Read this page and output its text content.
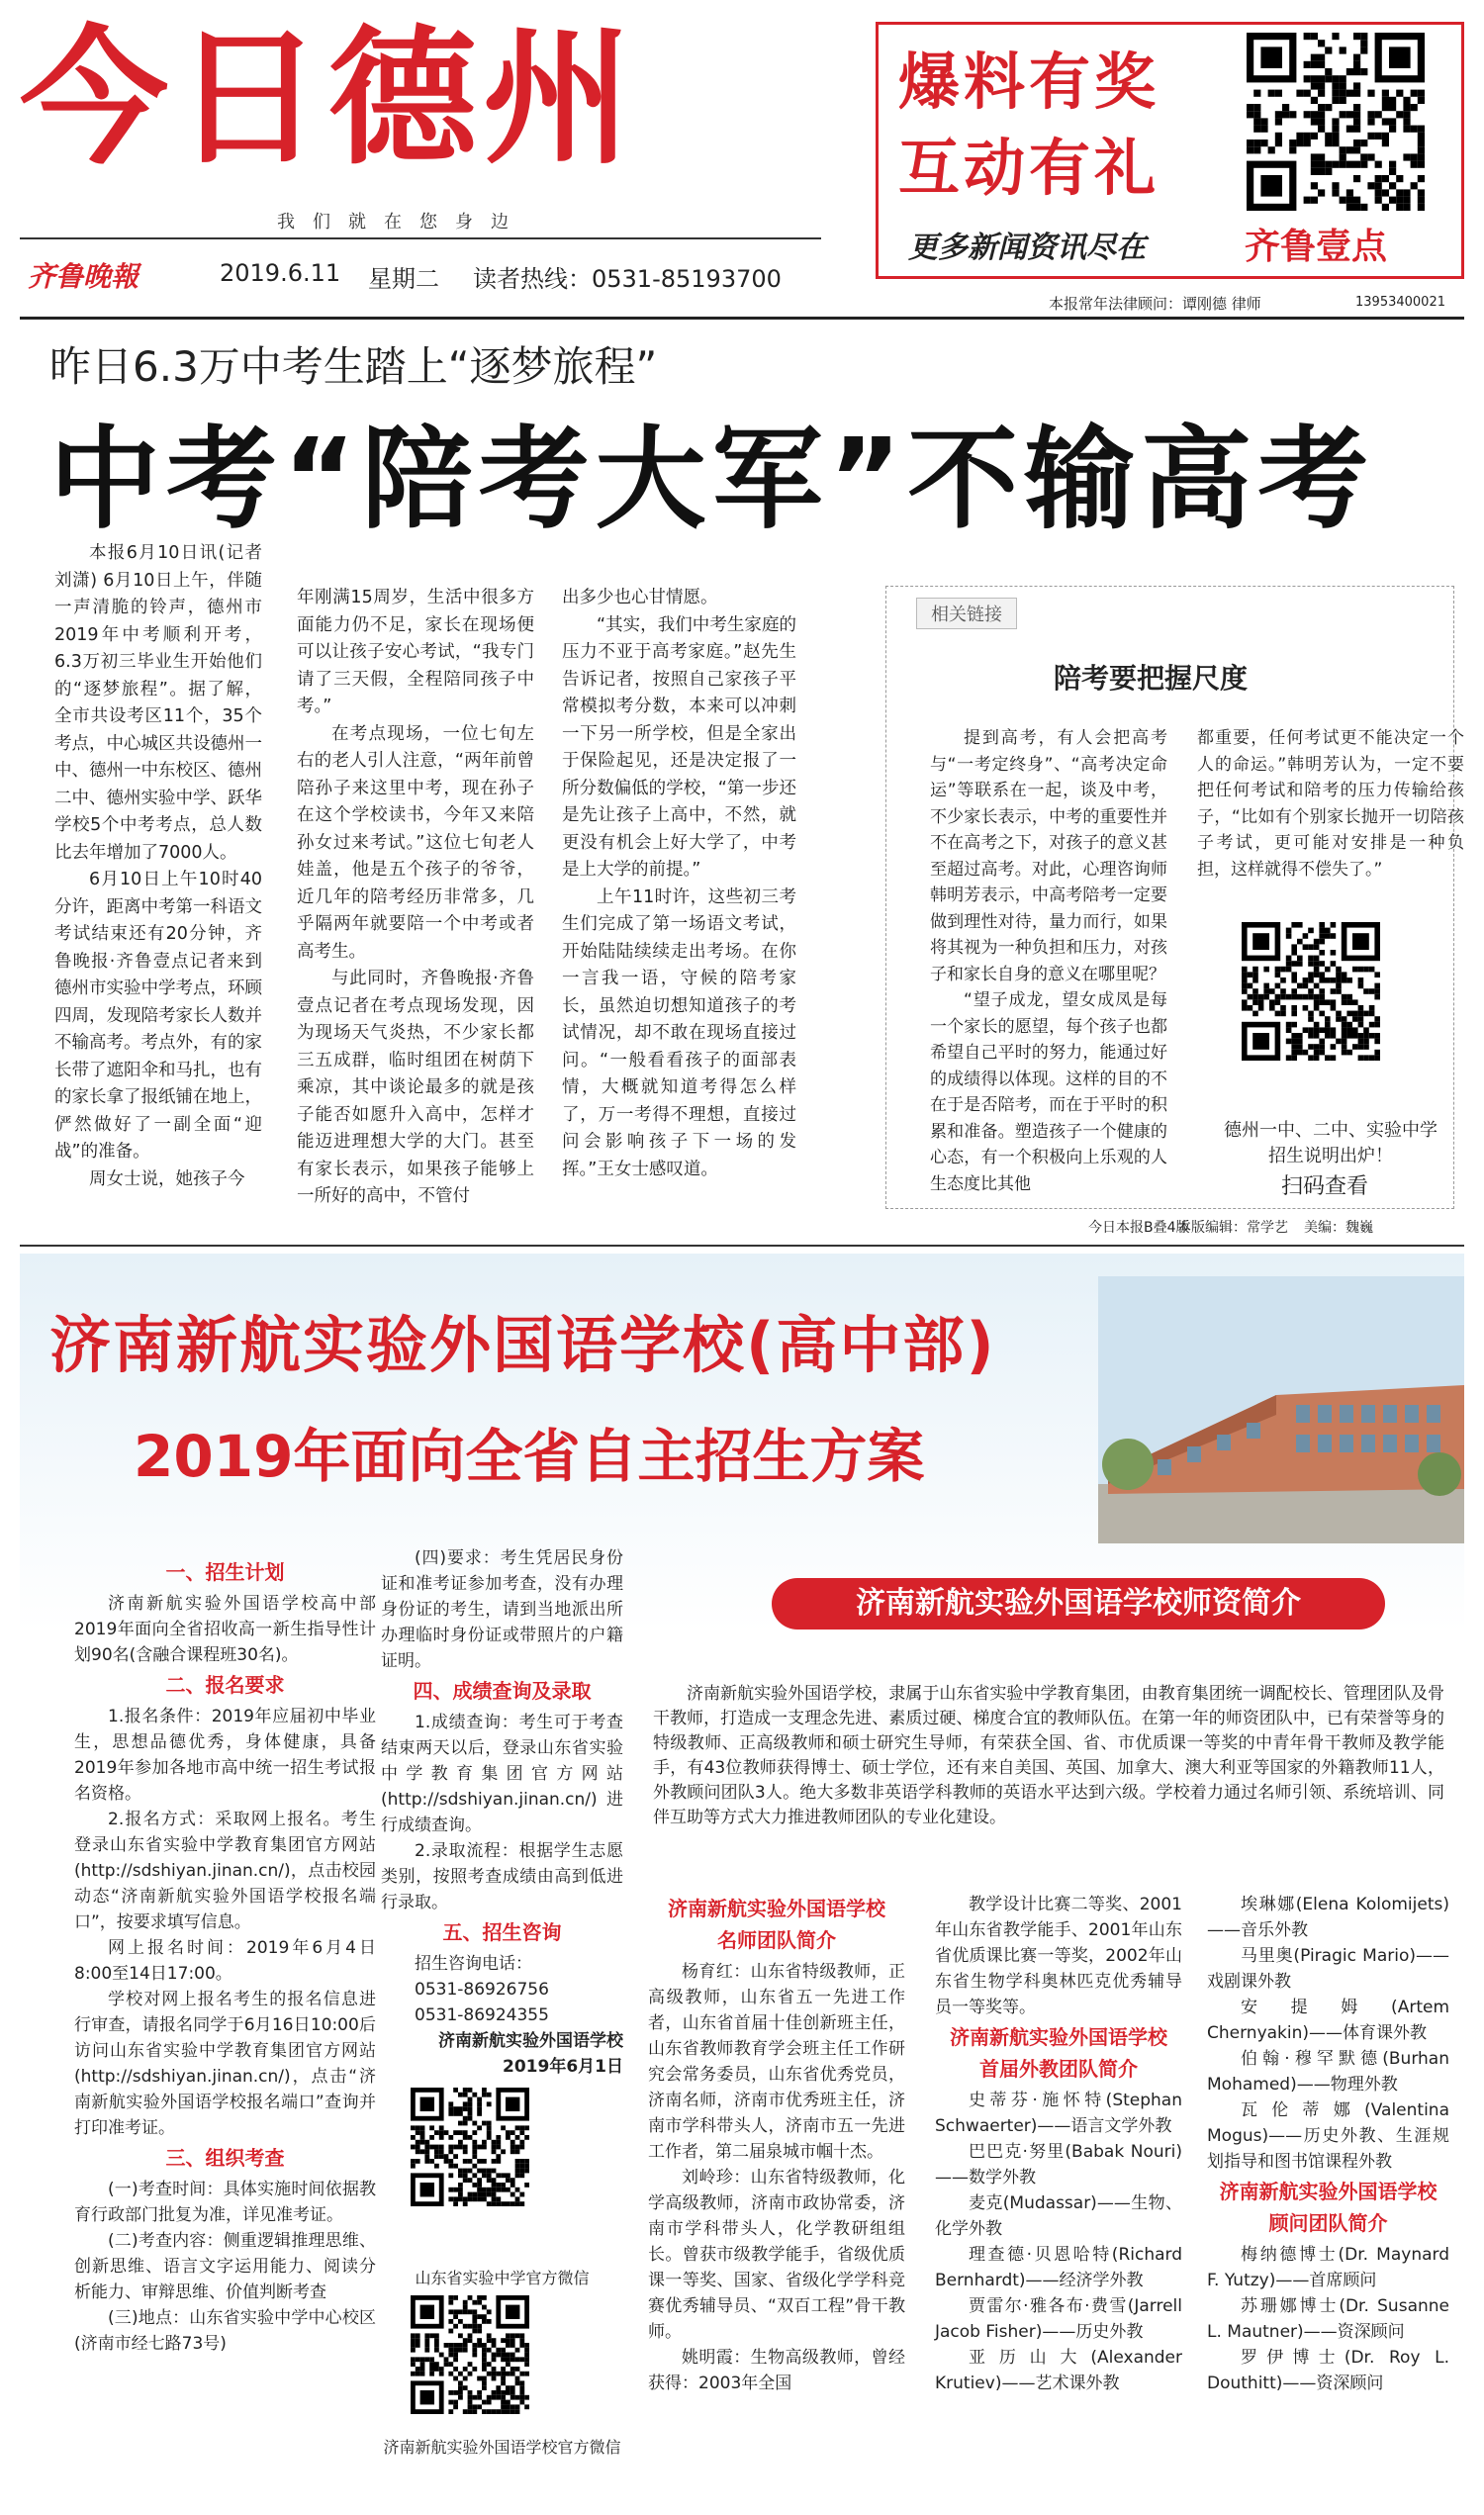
今日德州
我们就在您身边
齐鲁晚報	2019.6.11 星期二 读者热线：0531-85193700
爆料有奖
互动有礼
更多新闻资讯尽在	齐鲁壹点
本报常年法律顾问：谭刚德 律师	13953400021
昨日6.3万中考生踏上“逐梦旅程”
中考“陪考大军”不输高考

本报6月10日讯(记者 刘潇) 6月10日上午，伴随一声清脆的铃声，德州市2019年中考顺利开考，6.3万初三毕业生开始他们的“逐梦旅程”。据了解，全市共设考区11个，35个考点，中心城区共设德州一中、德州一中东校区、德州二中、德州实验中学、跃华学校5个中考考点，总人数比去年增加了7000人。

6月10日上午10时40分许，距离中考第一科语文考试结束还有20分钟，齐鲁晚报·齐鲁壹点记者来到德州市实验中学考点，环顾四周，发现陪考家长人数并不输高考。考点外，有的家长带了遮阳伞和马扎，也有的家长拿了报纸铺在地上，俨然做好了一副全面“迎战”的准备。

周女士说，她孩子今

年刚满15周岁，生活中很多方面能力仍不足，家长在现场便可以让孩子安心考试，“我专门请了三天假，全程陪同孩子中考。”

在考点现场，一位七旬左右的老人引人注意，“两年前曾陪孙子来这里中考，现在孙子在这个学校读书，今年又来陪孙女过来考试。”这位七旬老人娃盖，他是五个孩子的爷爷，近几年的陪考经历非常多，几乎隔两年就要陪一个中考或者高考生。

与此同时，齐鲁晚报·齐鲁壹点记者在考点现场发现，因为现场天气炎热，不少家长都三五成群，临时组团在树荫下乘凉，其中谈论最多的就是孩子能否如愿升入高中，怎样才能迈进理想大学的大门。甚至有家长表示，如果孩子能够上一所好的高中，不管付

出多少也心甘情愿。

“其实，我们中考生家庭的压力不亚于高考家庭。”赵先生告诉记者，按照自己家孩子平常模拟考分数，本来可以冲刺一下另一所学校，但是全家出于保险起见，还是决定报了一所分数偏低的学校，“第一步还是先让孩子上高中，不然，就更没有机会上好大学了，中考是上大学的前提。”

上午11时许，这些初三考生们完成了第一场语文考试，开始陆陆续续走出考场。在你一言我一语，守候的陪考家长，虽然迫切想知道孩子的考试情况，却不敢在现场直接过问。“一般看看孩子的面部表情，大概就知道考得怎么样了，万一考得不理想，直接过问会影响孩子下一场的发挥。”王女士感叹道。

相关链接
陪考要把握尺度

提到高考，有人会把高考与“一考定终身”、“高考决定命运”等联系在一起，谈及中考，不少家长表示，中考的重要性并不在高考之下，对孩子的意义甚至超过高考。对此，心理咨询师韩明芳表示，中高考陪考一定要做到理性对待，量力而行，如果将其视为一种负担和压力，对孩子和家长自身的意义在哪里呢？

“望子成龙，望女成凤是每一个家长的愿望，每个孩子也都希望自己平时的努力，能通过好的成绩得以体现。这样的目的不在于是否陪考，而在于平时的积累和准备。塑造孩子一个健康的心态，有一个积极向上乐观的人生态度比其他

都重要，任何考试更不能决定一个人的命运。”韩明芳认为，一定不要把任何考试和陪考的压力传输给孩子，“比如有个别家长抛开一切陪孩子考试，更可能对安排是一种负担，这样就得不偿失了。”

德州一中、二中、实验中学招生说明出炉！
扫码查看
今日本报B叠4版
本版编辑：常学艺 美编：魏巍
济南新航实验外国语学校(高中部)
2019年面向全省自主招生方案

一、招生计划

济南新航实验外国语学校高中部2019年面向全省招收高一新生指导性计划90名(含融合课程班30名)。

二、报名要求

1.报名条件：2019年应届初中毕业生，思想品德优秀，身体健康，具备2019年参加各地市高中统一招生考试报名资格。

2.报名方式：采取网上报名。考生登录山东省实验中学教育集团官方网站(http://sdshiyan.jinan.cn/)，点击校园动态“济南新航实验外国语学校报名端口”，按要求填写信息。

网上报名时间：2019年6月4日8:00至14日17:00。

学校对网上报名考生的报名信息进行审查，请报名同学于6月16日10:00后访问山东省实验中学教育集团官方网站(http://sdshiyan.jinan.cn/)，点击“济南新航实验外国语学校报名端口”查询并打印准考证。

三、组织考查

(一)考查时间：具体实施时间依据教育行政部门批复为准，详见准考证。

(二)考查内容：侧重逻辑推理思维、创新思维、语言文字运用能力、阅读分析能力、审辩思维、价值判断考查

(三)地点：山东省实验中学中心校区(济南市经七路73号)

(四)要求：考生凭居民身份证和准考证参加考查，没有办理身份证的考生，请到当地派出所办理临时身份证或带照片的户籍证明。

四、成绩查询及录取

1.成绩查询：考生可于考查结束两天以后，登录山东省实验中学教育集团官方网站(http://sdshiyan.jinan.cn/)进行成绩查询。

2.录取流程：根据学生志愿类别，按照考查成绩由高到低进行录取。

五、招生咨询

招生咨询电话：

0531-86926756

0531-86924355

济南新航实验外国语学校

2019年6月1日

山东省实验中学官方微信
济南新航实验外国语学校官方微信
济南新航实验外国语学校师资简介
济南新航实验外国语学校，隶属于山东省实验中学教育集团，由教育集团统一调配校长、管理团队及骨干教师，打造成一支理念先进、素质过硬、梯度合宜的教师队伍。在第一年的师资团队中，已有荣誉等身的特级教师、正高级教师和硕士研究生导师，有荣获全国、省、市优质课一等奖的中青年骨干教师及教学能手，有43位教师获得博士、硕士学位，还有来自美国、英国、加拿大、澳大利亚等国家的外籍教师11人，外教顾问团队3人。绝大多数非英语学科教师的英语水平达到六级。学校着力通过名师引领、系统培训、同伴互助等方式大力推进教师团队的专业化建设。

济南新航实验外国语学校

名师团队简介

杨育红：山东省特级教师，正高级教师，山东省五一先进工作者，山东省首届十佳创新班主任，山东省教师教育学会班主任工作研究会常务委员，山东省优秀党员，济南名师，济南市优秀班主任，济南市学科带头人，济南市五一先进工作者，第二届泉城市帼十杰。

刘岭珍：山东省特级教师，化学高级教师，济南市政协常委，济南市学科带头人，化学教研组组长。曾获市级教学能手，省级优质课一等奖、国家、省级化学学科竞赛优秀辅导员、“双百工程”骨干教师。

姚明霞：生物高级教师，曾经获得：2003年全国

教学设计比赛二等奖、2001年山东省教学能手、2001年山东省优质课比赛一等奖，2002年山东省生物学科奥林匹克优秀辅导员一等奖等。

济南新航实验外国语学校

首届外教团队简介

史蒂芬·施怀特(Stephan Schwaerter)——语言文学外教

巴巴克·努里(Babak Nouri)——数学外教

麦克(Mudassar)——生物、化学外教

理查德·贝恩哈特(Richard Bernhardt)——经济学外教

贾雷尔·雅各布·费雪(Jarrell Jacob Fisher)——历史外教

亚历山大(Alexander Krutiev)——艺术课外教

埃琳娜(Elena Kolomijets)——音乐外教

马里奥(Piragic Mario)——戏剧课外教

安提姆(Artem Chernyakin)——体育课外教

伯翰·穆罕默德(Burhan Mohamed)——物理外教

瓦伦蒂娜(Valentina Mogus)——历史外教、生涯规划指导和图书馆课程外教

济南新航实验外国语学校

顾问团队简介

梅纳德博士(Dr. Maynard F. Yutzy)——首席顾问

苏珊娜博士(Dr. Susanne L. Mautner)——资深顾问

罗伊博士(Dr. Roy L. Douthitt)——资深顾问
